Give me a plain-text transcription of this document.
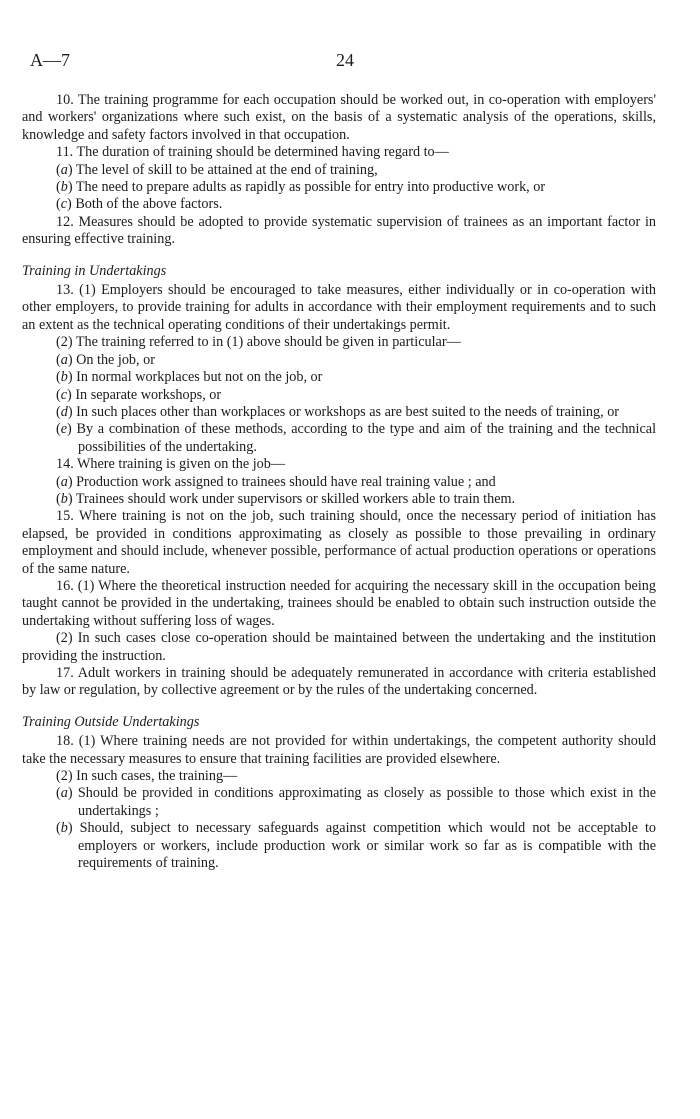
A—7	24

10. The training programme for each occupation should be worked out, in co-operation with employers' and workers' organizations where such exist, on the basis of a systematic analysis of the operations, skills, knowledge and safety factors involved in that occupation.

11. The duration of training should be determined having regard to—

(a) The level of skill to be attained at the end of training,

(b) The need to prepare adults as rapidly as possible for entry into productive work, or

(c) Both of the above factors.

12. Measures should be adopted to provide systematic supervision of trainees as an important factor in ensuring effective training.

Training in Undertakings

13. (1) Employers should be encouraged to take measures, either individually or in co-operation with other employers, to provide training for adults in accordance with their employment requirements and to such an extent as the technical operating conditions of their undertakings permit.

(2) The training referred to in (1) above should be given in particular—

(a) On the job, or

(b) In normal workplaces but not on the job, or

(c) In separate workshops, or

(d) In such places other than workplaces or workshops as are best suited to the needs of training, or

(e) By a combination of these methods, according to the type and aim of the training and the technical possibilities of the undertaking.

14. Where training is given on the job—

(a) Production work assigned to trainees should have real training value ; and

(b) Trainees should work under supervisors or skilled workers able to train them.

15. Where training is not on the job, such training should, once the necessary period of initiation has elapsed, be provided in conditions approximating as closely as possible to those prevailing in ordinary employment and should include, whenever possible, performance of actual production operations or operations of the same nature.

16. (1) Where the theoretical instruction needed for acquiring the necessary skill in the occupation being taught cannot be provided in the undertaking, trainees should be enabled to obtain such instruction outside the undertaking without suffering loss of wages.

(2) In such cases close co-operation should be maintained between the undertaking and the institution providing the instruction.

17. Adult workers in training should be adequately remunerated in accordance with criteria established by law or regulation, by collective agreement or by the rules of the undertaking concerned.

Training Outside Undertakings

18. (1) Where training needs are not provided for within undertakings, the competent authority should take the necessary measures to ensure that training facilities are provided elsewhere.

(2) In such cases, the training—

(a) Should be provided in conditions approximating as closely as possible to those which exist in the undertakings ;

(b) Should, subject to necessary safeguards against competition which would not be acceptable to employers or workers, include production work or similar work so far as is compatible with the requirements of training.
